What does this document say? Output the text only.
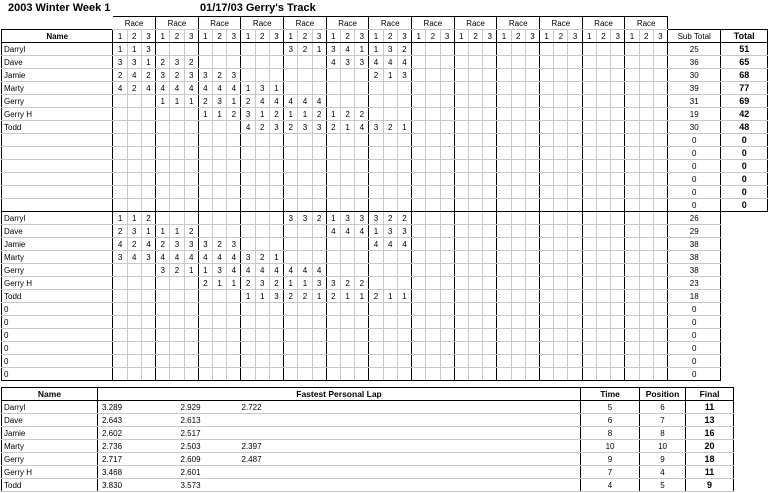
2003 Winter Week 1	01/17/03 Gerry's Track
	Race			Race			Race			Race			Race			Race			Race			Race			Race			Race			Race			Race			Race				
Name	1	2	3	1	2	3	1	2	3	1	2	3	1	2	3	1	2	3	1	2	3	1	2	3	1	2	3	1	2	3	1	2	3	1	2	3	1	2	3	Sub Total	Total
Darryl	1	1	3										3	2	1	3	4	1	1	3	2																			25	51
Dave	3	3	1	2	3	2										4	3	3	4	4	4																			36	65
Jamie	2	4	2	3	2	3	3	2	3										2	1	3																			30	68
Marty	4	2	4	4	4	4	4	4	4	1	3	1																												39	77
Gerry				1	1	1	2	3	1	2	4	4	4	4	4																									31	69
Gerry H							1	1	2	3	1	2	1	1	2	1	2	2																						19	42
Todd										4	2	3	2	3	3	2	1	4	3	2	1																			30	48
																																								0	0
																																								0	0
																																								0	0
																																								0	0
																																								0	0
																																								0	0
Darryl	1	1	2										3	3	2	1	3	3	3	2	2																			26	
Dave	2	3	1	1	1	2										4	4	4	1	3	3																			29	
Jamie	4	2	4	2	3	3	3	2	3										4	4	4																			38	
Marty	3	4	3	4	4	4	4	4	4	3	2	1																												38	
Gerry				3	2	1	1	3	4	4	4	4	4	4	4																									38	
Gerry H							2	1	1	2	3	2	1	1	3	3	2	2																						23	
Todd										1	1	3	2	2	1	2	1	1	2	1	1																			18	
0																																								0	
0																																								0	
0																																								0	
0																																								0	
0																																								0	
0																																								0	
Name	Fastest Personal Lap			Time	Position	Final
Darryl	3.289	2.929	2.722	5	6	11
Dave	2.643	2.613		6	7	13
Jamie	2.602	2.517		8	8	16
Marty	2.736	2.503	2.397	10	10	20
Gerry	2.717	2.609	2.487	9	9	18
Gerry H	3.468	2.601		7	4	11
Todd	3.830	3.573		4	5	9
